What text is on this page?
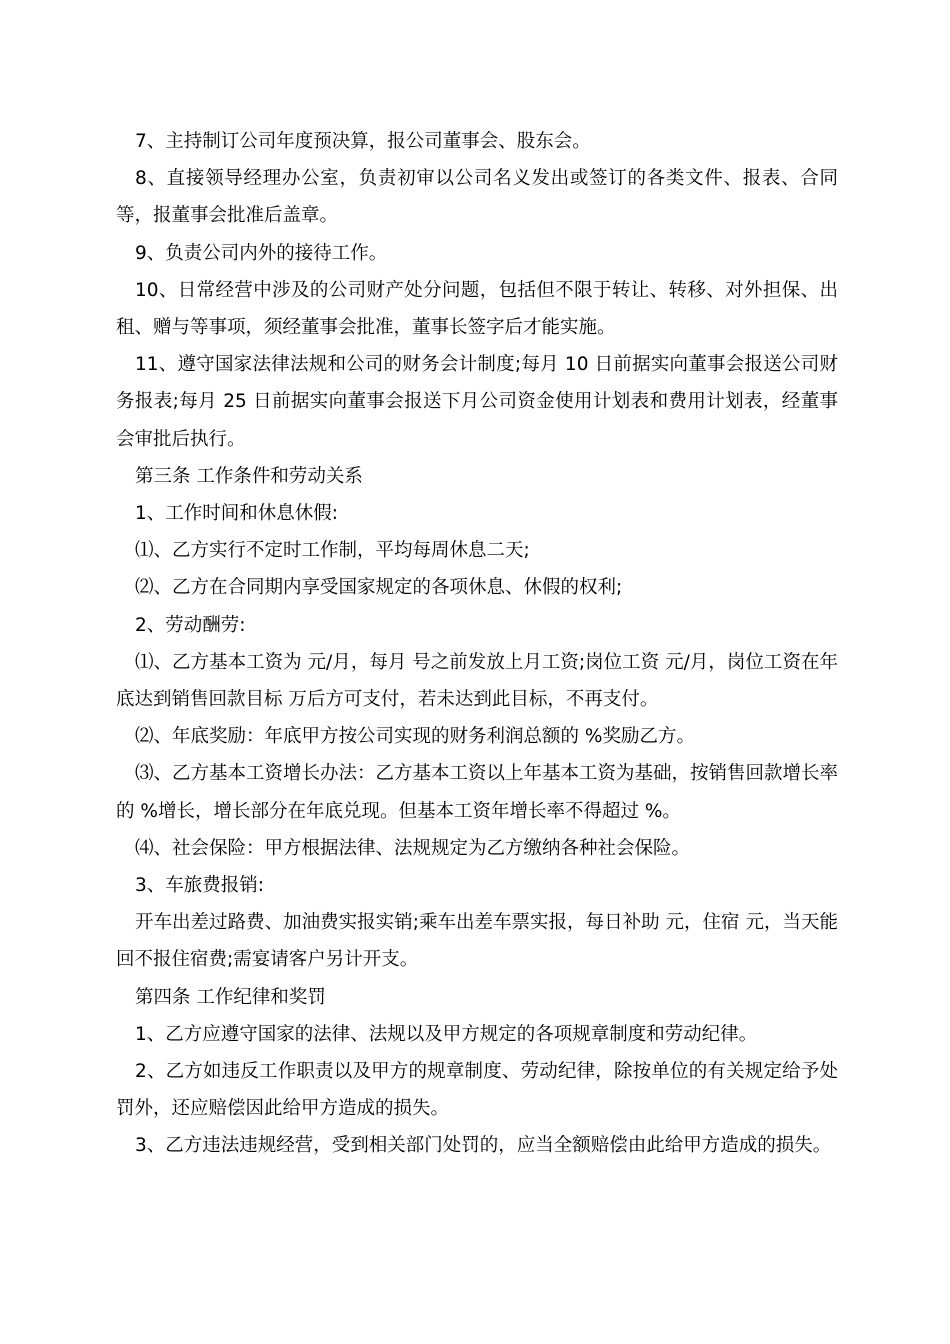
7、主持制订公司年度预决算，报公司董事会、股东会。

8、直接领导经理办公室，负责初审以公司名义发出或签订的各类文件、报表、合同等，报董事会批准后盖章。

9、负责公司内外的接待工作。

10、日常经营中涉及的公司财产处分问题，包括但不限于转让、转移、对外担保、出租、赠与等事项，须经董事会批准，董事长签字后才能实施。

11、遵守国家法律法规和公司的财务会计制度;每月 10 日前据实向董事会报送公司财务报表;每月 25 日前据实向董事会报送下月公司资金使用计划表和费用计划表，经董事会审批后执行。

第三条 工作条件和劳动关系

1、工作时间和休息休假:

⑴、乙方实行不定时工作制，平均每周休息二天;

⑵、乙方在合同期内享受国家规定的各项休息、休假的权利;

2、劳动酬劳:

⑴、乙方基本工资为 元/月，每月 号之前发放上月工资;岗位工资 元/月，岗位工资在年底达到销售回款目标 万后方可支付，若未达到此目标，不再支付。

⑵、年底奖励：年底甲方按公司实现的财务利润总额的 %奖励乙方。

⑶、乙方基本工资增长办法：乙方基本工资以上年基本工资为基础，按销售回款增长率的 %增长，增长部分在年底兑现。但基本工资年增长率不得超过 %。

⑷、社会保险：甲方根据法律、法规规定为乙方缴纳各种社会保险。

3、车旅费报销:

开车出差过路费、加油费实报实销;乘车出差车票实报，每日补助 元，住宿 元，当天能回不报住宿费;需宴请客户另计开支。

第四条 工作纪律和奖罚

1、乙方应遵守国家的法律、法规以及甲方规定的各项规章制度和劳动纪律。

2、乙方如违反工作职责以及甲方的规章制度、劳动纪律，除按单位的有关规定给予处罚外，还应赔偿因此给甲方造成的损失。

3、乙方违法违规经营，受到相关部门处罚的，应当全额赔偿由此给甲方造成的损失。
